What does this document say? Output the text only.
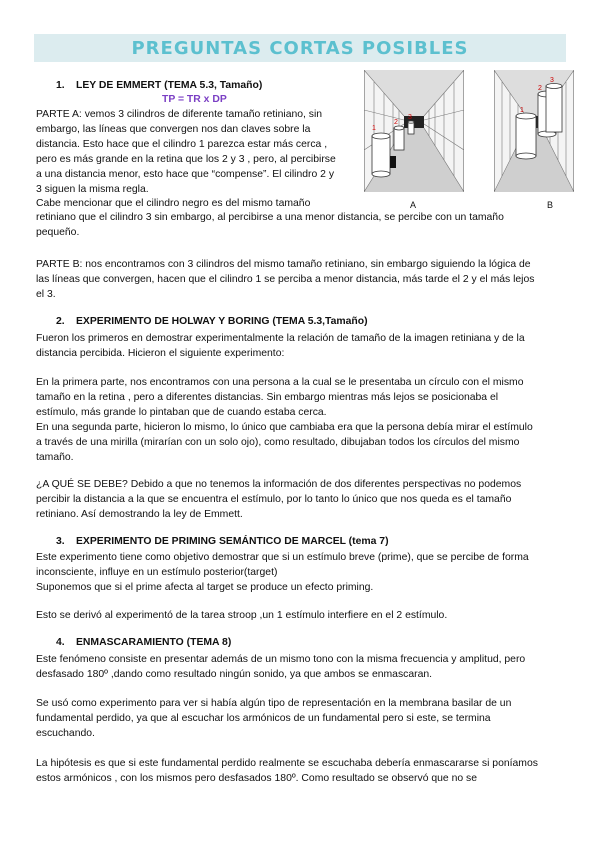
PREGUNTAS CORTAS POSIBLES
1. LEY DE EMMERT (TEMA 5.3, Tamaño)
TP = TR x DP
PARTE A: vemos 3 cilindros de diferente tamaño retiniano, sin
embargo, las líneas que convergen nos dan claves sobre la
distancia. Esto hace que el cilindro 1 parezca estar más cerca ,
pero es más grande en la retina que los 2 y 3 , pero, al percibirse
a una distancia menor, esto hace que “compense”. El cilindro 2 y
3 siguen la misma regla.
Cabe mencionar que el cilindro negro es del mismo tamaño
retiniano que el cilindro 3 sin embargo, al percibirse a una menor distancia, se percibe con un tamaño
pequeño.
1
2
3
A
1
2
3
B
PARTE B: nos encontramos con 3 cilindros del mismo tamaño retiniano, sin embargo siguiendo la lógica de
las líneas que convergen, hacen que el cilindro 1 se perciba a menor distancia, más tarde el 2 y el más lejos
el 3.
2. EXPERIMENTO DE HOLWAY Y BORING (TEMA 5.3,Tamaño)
Fueron los primeros en demostrar experimentalmente la relación de tamaño de la imagen retiniana y de la
distancia percibida. Hicieron el siguiente experimento:
En la primera parte, nos encontramos con una persona a la cual se le presentaba un círculo con el mismo
tamaño en la retina , pero a diferentes distancias. Sin embargo mientras más lejos se posicionaba el
estímulo, más grande lo pintaban que de cuando estaba cerca.
En una segunda parte, hicieron lo mismo, lo único que cambiaba era que la persona debía mirar el estímulo
a través de una mirilla (mirarían con un solo ojo), como resultado, dibujaban todos los círculos del mismo
tamaño.
¿A QUÉ SE DEBE? Debido a que no tenemos la información de dos diferentes perspectivas no podemos
percibir la distancia a la que se encuentra el estímulo, por lo tanto lo único que nos queda es el tamaño
retiniano. Así demostrando la ley de Emmett.
3. EXPERIMENTO DE PRIMING SEMÁNTICO DE MARCEL (tema 7)
Este experimento tiene como objetivo demostrar que si un estímulo breve (prime), que se percibe de forma
inconsciente, influye en un estímulo posterior(target)
Suponemos que si el prime afecta al target se produce un efecto priming.
Esto se derivó al experimentó de la tarea stroop ,un 1 estímulo interfiere en el 2 estímulo.
4. ENMASCARAMIENTO (TEMA 8)
Este fenómeno consiste en presentar además de un mismo tono con la misma frecuencia y amplitud, pero
desfasado 180º ,dando como resultado ningún sonido, ya que ambos se enmascaran.
Se usó como experimento para ver si había algún tipo de representación en la membrana basilar de un
fundamental perdido, ya que al escuchar los armónicos de un fundamental pero si este, se termina
escuchando.
La hipótesis es que si este fundamental perdido realmente se escuchaba debería enmascararse si poníamos
estos armónicos , con los mismos pero desfasados 180º. Como resultado se observó que no se
